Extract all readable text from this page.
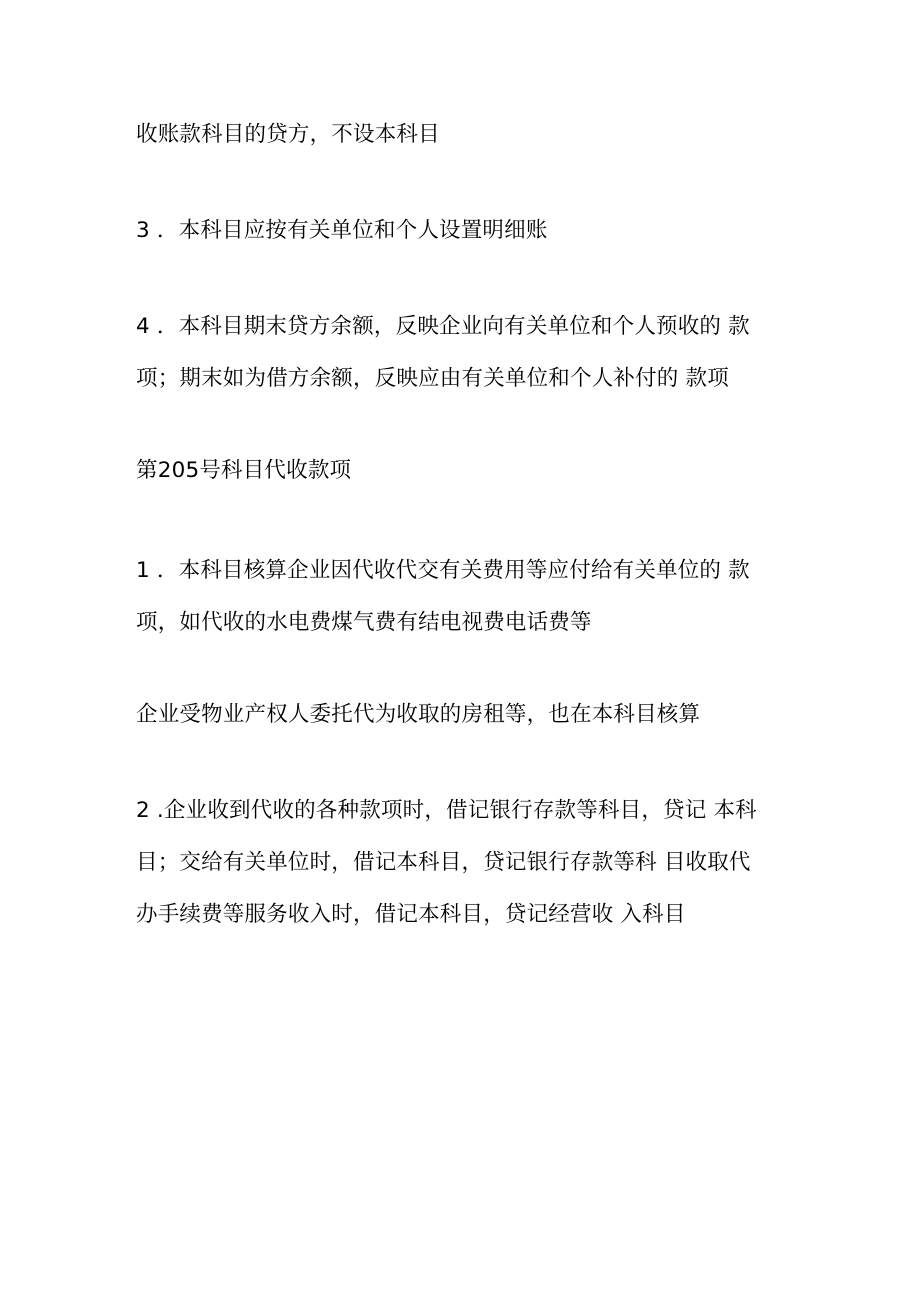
收账款科目的贷方，不设本科目

3 ．本科目应按有关单位和个人设置明细账

4 ．本科目期末贷方余额，反映企业向有关单位和个人预收的 款
项；期末如为借方余额，反映应由有关单位和个人补付的 款项

第205号科目代收款项

1 ．本科目核算企业因代收代交有关费用等应付给有关单位的 款
项，如代收的水电费煤气费有结电视费电话费等

企业受物业产权人委托代为收取的房租等，也在本科目核算

2 .企业收到代收的各种款项时，借记银行存款等科目，贷记 本科
目；交给有关单位时，借记本科目，贷记银行存款等科 目收取代
办手续费等服务收入时，借记本科目，贷记经营收 入科目
